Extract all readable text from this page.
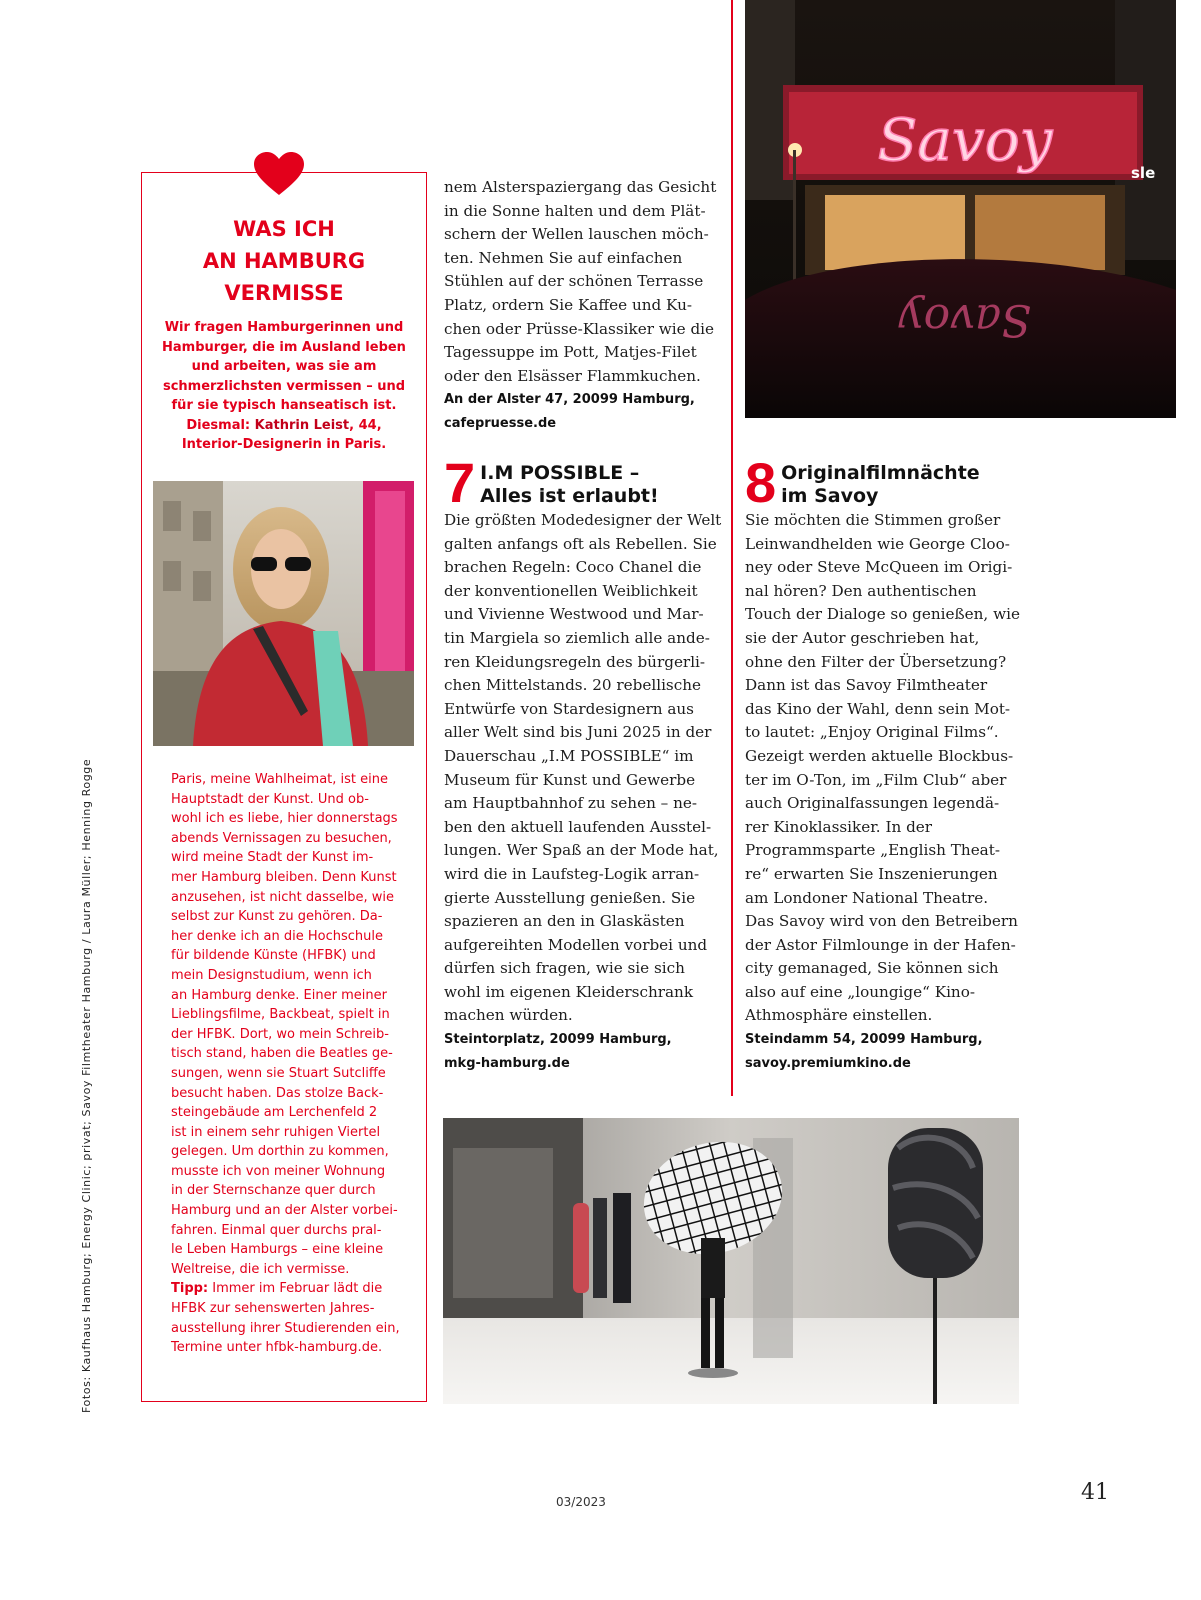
Fotos: Kaufhaus Hamburg; Energy Clinic; privat; Savoy Filmtheater Hamburg / Laura Müller; Henning Rogge
WAS ICH
AN HAMBURG
VERMISSE
Wir fragen Hamburgerinnen und
Hamburger, die im Ausland leben
und arbeiten, was sie am
schmerzlichsten vermissen – und
für sie typisch hanseatisch ist.
Diesmal: Kathrin Leist, 44,
Interior-Designerin in Paris.

Paris, meine Wahlheimat, ist eine

Hauptstadt der Kunst. Und ob-

wohl ich es liebe, hier donnerstags

abends Vernissagen zu besuchen,

wird meine Stadt der Kunst im-

mer Hamburg bleiben. Denn Kunst

anzusehen, ist nicht dasselbe, wie

selbst zur Kunst zu gehören. Da-

her denke ich an die Hochschule

für bildende Künste (HFBK) und

mein Designstudium, wenn ich

an Hamburg denke. Einer meiner

Lieblingsfilme, Backbeat, spielt in

der HFBK. Dort, wo mein Schreib-

tisch stand, haben die Beatles ge-

sungen, wenn sie Stuart Sutcliffe

besucht haben. Das stolze Back-

steingebäude am Lerchenfeld 2

ist in einem sehr ruhigen Viertel

gelegen. Um dorthin zu kommen,

musste ich von meiner Wohnung

in der Sternschanze quer durch

Hamburg und an der Alster vorbei-

fahren. Einmal quer durchs pral-

le Leben Hamburgs – eine kleine

Weltreise, die ich vermisse.

Tipp: Immer im Februar lädt die

HFBK zur sehenswerten Jahres-

ausstellung ihrer Studierenden ein,

Termine unter hfbk-hamburg.de.

nem Alsterspaziergang das Gesicht

in die Sonne halten und dem Plät-

schern der Wellen lauschen möch-

ten. Nehmen Sie auf einfachen

Stühlen auf der schönen Terrasse

Platz, ordern Sie Kaffee und Ku-

chen oder Prüsse-Klassiker wie die

Tagessuppe im Pott, Matjes-Filet

oder den Elsässer Flammkuchen.

An der Alster 47, 20099 Hamburg,

cafepruesse.de

7 I.M POSSIBLE –
Alles ist erlaubt!

Die größten Modedesigner der Welt

galten anfangs oft als Rebellen. Sie

brachen Regeln: Coco Chanel die

der konventionellen Weiblichkeit

und Vivienne Westwood und Mar-

tin Margiela so ziemlich alle ande-

ren Kleidungsregeln des bürgerli-

chen Mittelstands. 20 rebellische

Entwürfe von Stardesignern aus

aller Welt sind bis Juni 2025 in der

Dauerschau „I.M POSSIBLE“ im

Museum für Kunst und Gewerbe

am Hauptbahnhof zu sehen – ne-

ben den aktuell laufenden Ausstel-

lungen. Wer Spaß an der Mode hat,

wird die in Laufsteg-Logik arran-

gierte Ausstellung genießen. Sie

spazieren an den in Glaskästen

aufgereihten Modellen vorbei und

dürfen sich fragen, wie sie sich

wohl im eigenen Kleiderschrank

machen würden.

Steintorplatz, 20099 Hamburg,

mkg-hamburg.de

Savoy	sle
Savoy
8 Originalfilmnächte
im Savoy

Sie möchten die Stimmen großer

Leinwandhelden wie George Cloo-

ney oder Steve McQueen im Origi-

nal hören? Den authentischen

Touch der Dialoge so genießen, wie

sie der Autor geschrieben hat,

ohne den Filter der Übersetzung?

Dann ist das Savoy Filmtheater

das Kino der Wahl, denn sein Mot-

to lautet: „Enjoy Original Films“.

Gezeigt werden aktuelle Blockbus-

ter im O-Ton, im „Film Club“ aber

auch Originalfassungen legendä-

rer Kinoklassiker. In der

Programmsparte „English Theat-

re“ erwarten Sie Inszenierungen

am Londoner National Theatre.

Das Savoy wird von den Betreibern

der Astor Filmlounge in der Hafen-

city gemanaged, Sie können sich

also auf eine „loungige“ Kino-

Athmosphäre einstellen.

Steindamm 54, 20099 Hamburg,

savoy.premiumkino.de

03/2023	41
